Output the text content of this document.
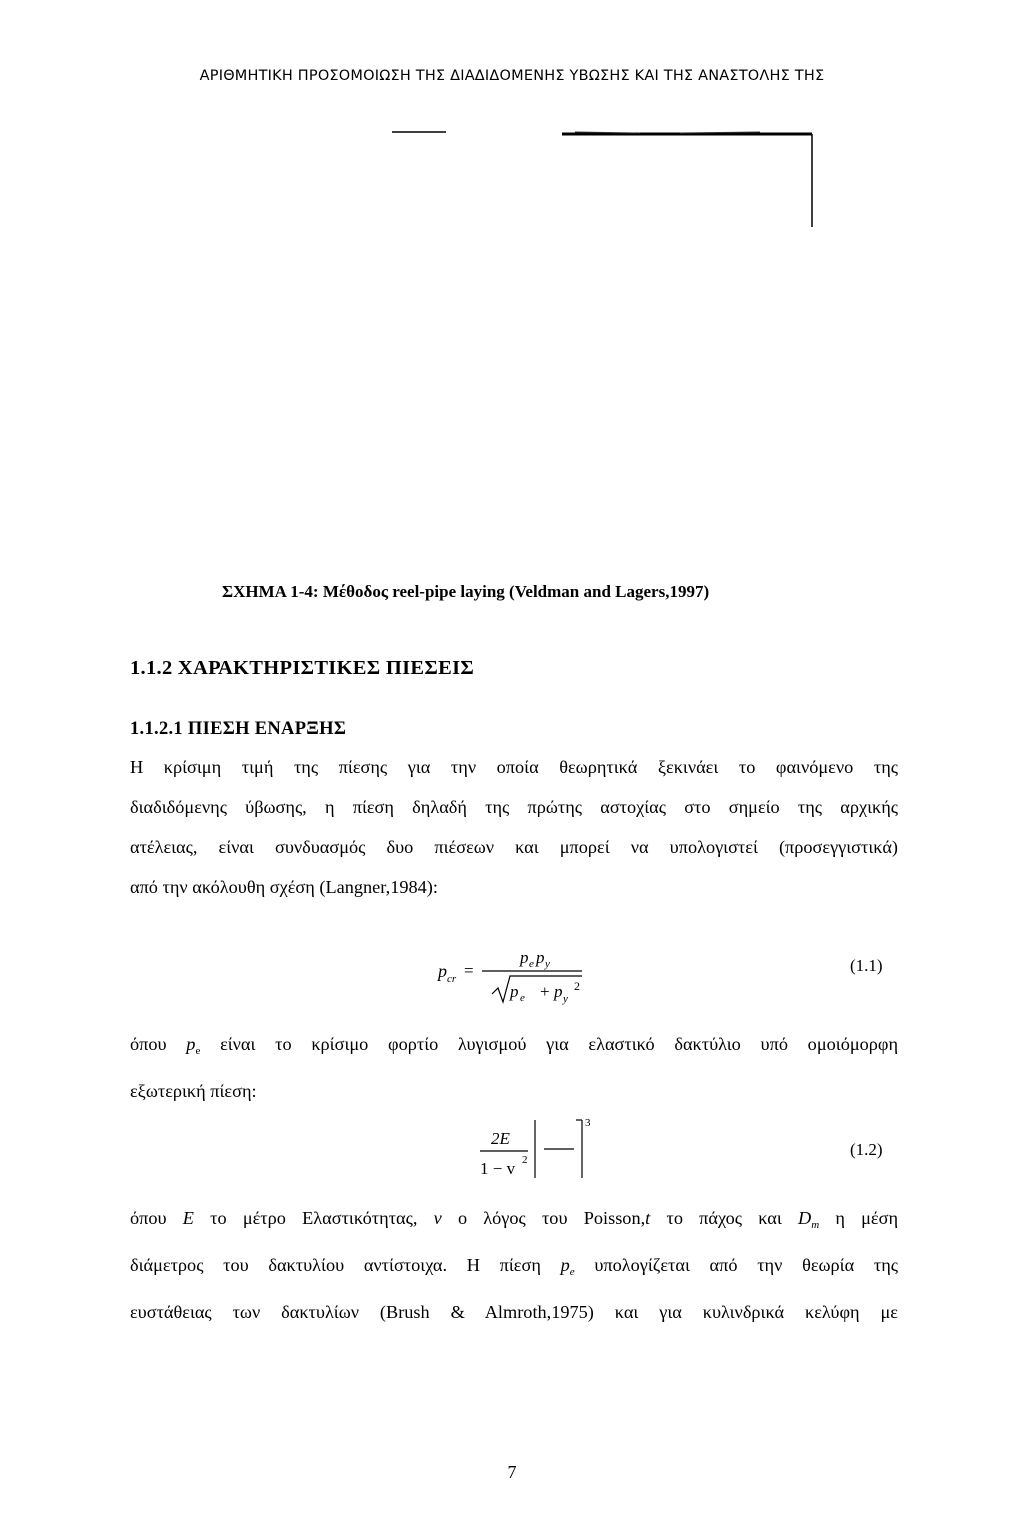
ΑΡΙΘΜΗΤΙΚΗ ΠΡΟΣΟΜΟΙΩΣΗ ΤΗΣ ΔΙΑΔΙΔΟΜΕΝΗΣ ΥΒΩΣΗΣ ΚΑΙ ΤΗΣ ΑΝΑΣΤΟΛΗΣ ΤΗΣ
ΣΧΗΜΑ 1-4: Μέθοδος reel-pipe laying (Veldman and Lagers,1997)
1.1.2 ΧΑΡΑΚΤΗΡΙΣΤΙΚΕΣ ΠΙΕΣΕΙΣ
1.1.2.1 ΠΙΕΣΗ ΕΝΑΡΞΗΣ
Η κρίσιμη τιμή της πίεσης για την οποία θεωρητικά ξεκινάει το φαινόμενο της
διαδιδόμενης ύβωσης, η πίεση δηλαδή της πρώτης αστοχίας στο σημείο της αρχικής
ατέλειας, είναι συνδυασμός δυο πιέσεων και μπορεί να υπολογιστεί (προσεγγιστικά)
από την ακόλουθη σχέση (Langner,1984):
p cr =
p e p y
p e + p y
2
(1.1)
όπου $p_e$ είναι το κρίσιμο φορτίο λυγισμού για ελαστικό δακτύλιο υπό ομοιόμορφη
εξωτερική πίεση:
2E
1 − v 2
3
(1.2)
όπου E το μέτρο Ελαστικότητας, v ο λόγος του Poisson,t το πάχος και $D_m$ η μέση
διάμετρος του δακτυλίου αντίστοιχα. Η πίεση $p_e$ υπολογίζεται από την θεωρία της
ευστάθειας των δακτυλίων (Brush & Almroth,1975) και για κυλινδρικά κελύφη με
7
